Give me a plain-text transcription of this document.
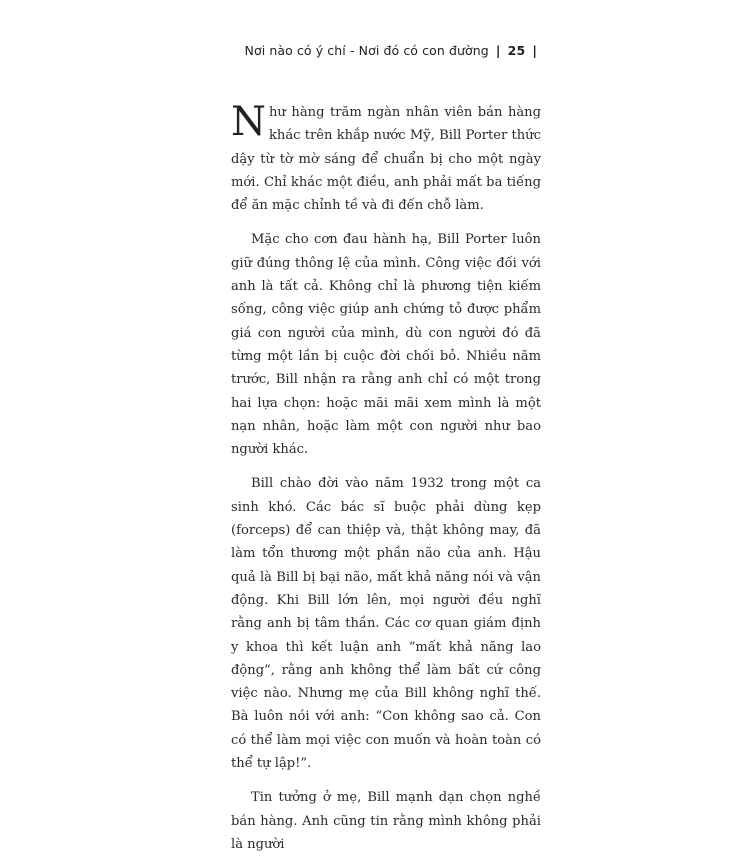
Nơi nào có ý chí - Nơi đó có con đường | 25 |

N hư hàng trăm ngàn nhân viên bán hàng khác trên khắp nước Mỹ, Bill Porter thức dậy từ tờ mờ sáng để chuẩn bị cho một ngày mới. Chỉ khác một điều, anh phải mất ba tiếng để ăn mặc chỉnh tề và đi đến chỗ làm.

Mặc cho cơn đau hành hạ, Bill Porter luôn giữ đúng thông lệ của mình. Công việc đối với anh là tất cả. Không chỉ là phương tiện kiếm sống, công việc giúp anh chứng tỏ được phẩm giá con người của mình, dù con người đó đã từng một lần bị cuộc đời chối bỏ. Nhiều năm trước, Bill nhận ra rằng anh chỉ có một trong hai lựa chọn: hoặc mãi mãi xem mình là một nạn nhân, hoặc làm một con người như bao người khác.

Bill chào đời vào năm 1932 trong một ca sinh khó. Các bác sĩ buộc phải dùng kẹp (forceps) để can thiệp và, thật không may, đã làm tổn thương một phần não của anh. Hậu quả là Bill bị bại não, mất khả năng nói và vận động. Khi Bill lớn lên, mọi người đều nghĩ rằng anh bị tâm thần. Các cơ quan giám định y khoa thì kết luận anh “mất khả năng lao động”, rằng anh không thể làm bất cứ công việc nào. Nhưng mẹ của Bill không nghĩ thế. Bà luôn nói với anh: “Con không sao cả. Con có thể làm mọi việc con muốn và hoàn toàn có thể tự lập!”.

Tin tưởng ở mẹ, Bill mạnh dạn chọn nghề bán hàng. Anh cũng tin rằng mình không phải là người
